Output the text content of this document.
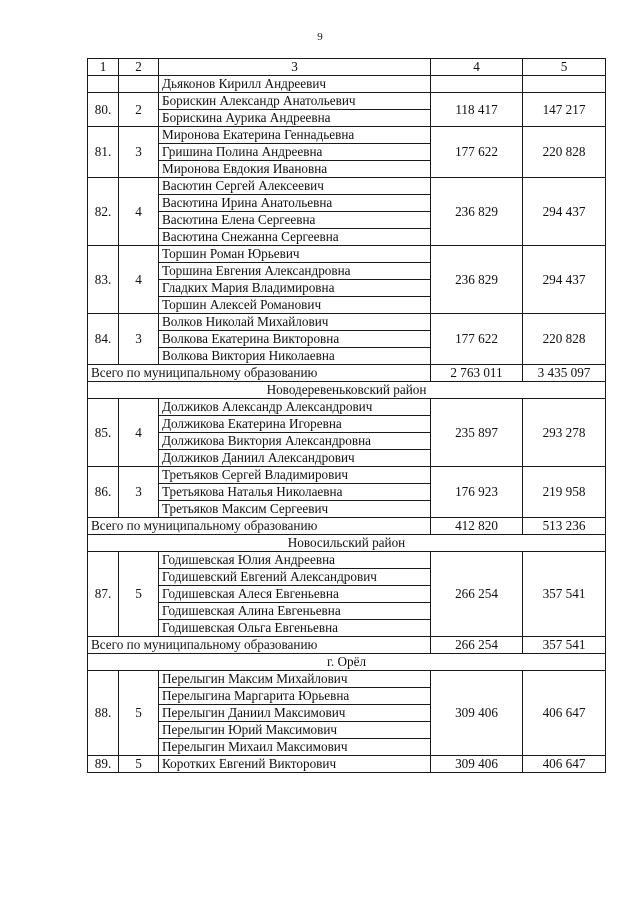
9
1	2	3	4	5
		Дьяконов Кирилл Андреевич		
80.	2	Борискин Александр Анатольевич	118 417	147 217
		Борискина Аурика Андреевна		
81.	3	Миронова Екатерина Геннадьевна	177 622	220 828
		Гришина Полина Андреевна		
		Миронова Евдокия Ивановна		
82.	4	Васютин Сергей Алексеевич	236 829	294 437
		Васютина Ирина Анатольевна		
		Васютина Елена Сергеевна		
		Васютина Снежанна Сергеевна		
83.	4	Торшин Роман Юрьевич	236 829	294 437
		Торшина Евгения Александровна		
		Гладких Мария Владимировна		
		Торшин Алексей Романович		
84.	3	Волков Николай Михайлович	177 622	220 828
		Волкова Екатерина Викторовна		
		Волкова Виктория Николаевна		
Всего по муниципальному образованию			2 763 011	3 435 097
Новодеревеньковский район				
85.	4	Должиков Александр Александрович	235 897	293 278
		Должикова Екатерина Игоревна		
		Должикова Виктория Александровна		
		Должиков Даниил Александрович		
86.	3	Третьяков Сергей Владимирович	176 923	219 958
		Третьякова Наталья Николаевна		
		Третьяков Максим Сергеевич		
Всего по муниципальному образованию			412 820	513 236
Новосильский район				
87.	5	Годишевская Юлия Андреевна	266 254	357 541
		Годишевский Евгений Александрович		
		Годишевская Алеся Евгеньевна		
		Годишевская Алина Евгеньевна		
		Годишевская Ольга Евгеньевна		
Всего по муниципальному образованию			266 254	357 541
г. Орёл				
88.	5	Перелыгин Максим Михайлович	309 406	406 647
		Перелыгина Маргарита Юрьевна		
		Перелыгин Даниил Максимович		
		Перелыгин Юрий Максимович		
		Перелыгин Михаил Максимович		
89.	5	Коротких Евгений Викторович	309 406	406 647
